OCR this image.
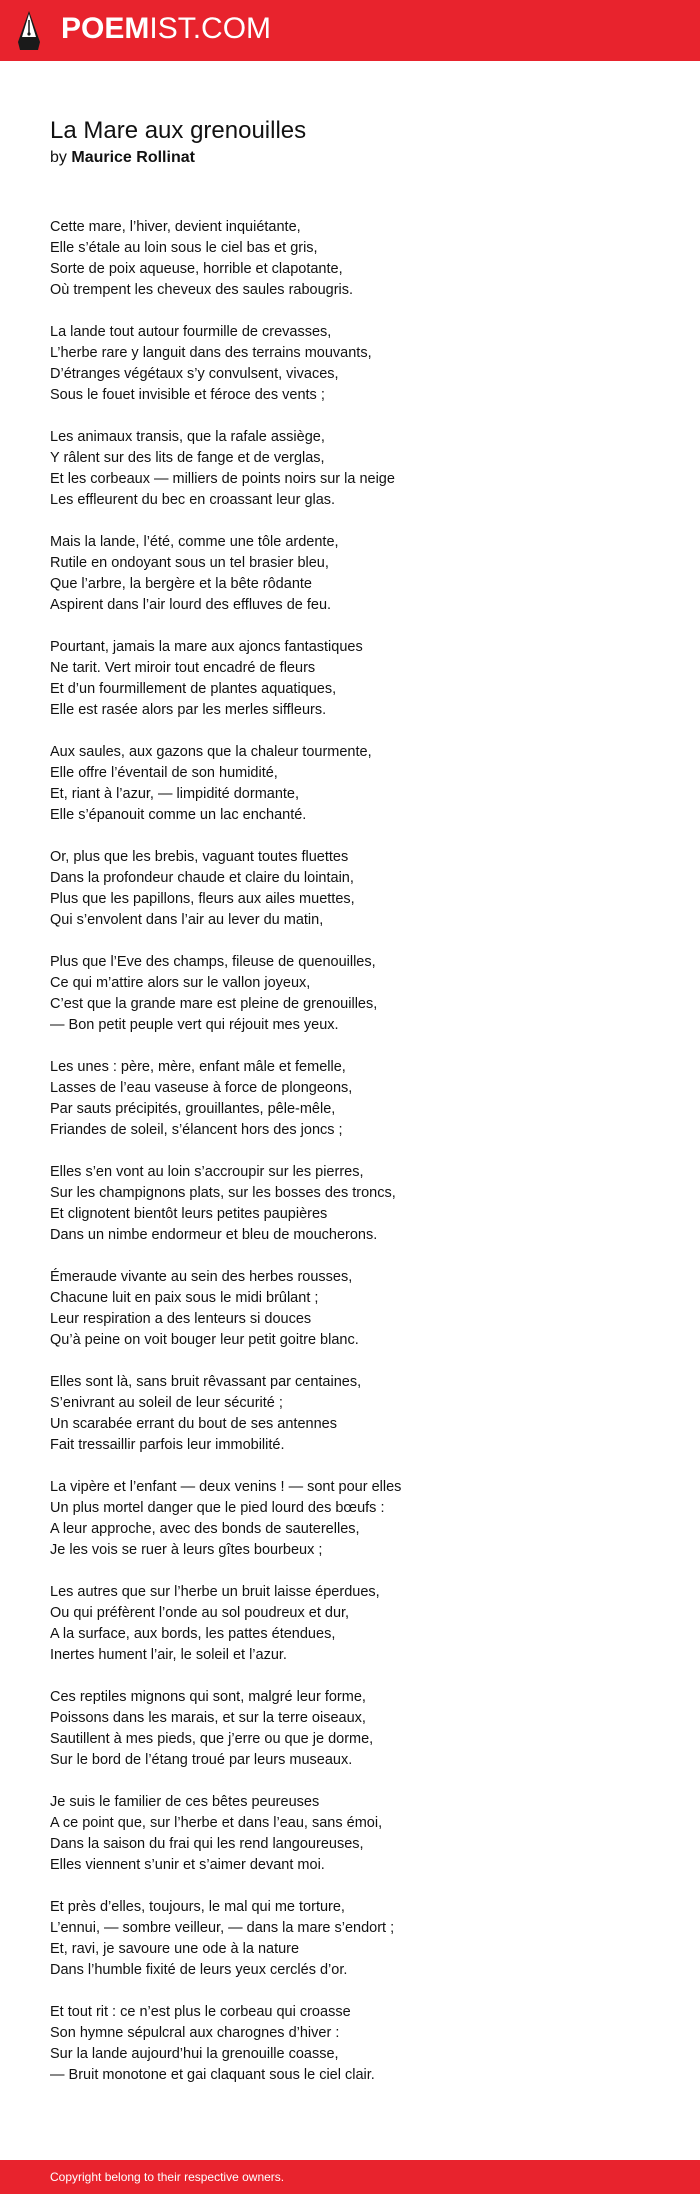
POEMIST.COM
La Mare aux grenouilles
by Maurice Rollinat
Cette mare, l’hiver, devient inquiétante,
Elle s’étale au loin sous le ciel bas et gris,
Sorte de poix aqueuse, horrible et clapotante,
Où trempent les cheveux des saules rabougris.
La lande tout autour fourmille de crevasses,
L’herbe rare y languit dans des terrains mouvants,
D’étranges végétaux s’y convulsent, vivaces,
Sous le fouet invisible et féroce des vents ;
Les animaux transis, que la rafale assiège,
Y râlent sur des lits de fange et de verglas,
Et les corbeaux — milliers de points noirs sur la neige
Les effleurent du bec en croassant leur glas.
Mais la lande, l’été, comme une tôle ardente,
Rutile en ondoyant sous un tel brasier bleu,
Que l’arbre, la bergère et la bête rôdante
Aspirent dans l’air lourd des effluves de feu.
Pourtant, jamais la mare aux ajoncs fantastiques
Ne tarit. Vert miroir tout encadré de fleurs
Et d’un fourmillement de plantes aquatiques,
Elle est rasée alors par les merles siffleurs.
Aux saules, aux gazons que la chaleur tourmente,
Elle offre l’éventail de son humidité,
Et, riant à l’azur, — limpidité dormante,
Elle s’épanouit comme un lac enchanté.
Or, plus que les brebis, vaguant toutes fluettes
Dans la profondeur chaude et claire du lointain,
Plus que les papillons, fleurs aux ailes muettes,
Qui s’envolent dans l’air au lever du matin,
Plus que l’Eve des champs, fileuse de quenouilles,
Ce qui m’attire alors sur le vallon joyeux,
C’est que la grande mare est pleine de grenouilles,
— Bon petit peuple vert qui réjouit mes yeux.
Les unes : père, mère, enfant mâle et femelle,
Lasses de l’eau vaseuse à force de plongeons,
Par sauts précipités, grouillantes, pêle-mêle,
Friandes de soleil, s’élancent hors des joncs ;
Elles s’en vont au loin s’accroupir sur les pierres,
Sur les champignons plats, sur les bosses des troncs,
Et clignotent bientôt leurs petites paupières
Dans un nimbe endormeur et bleu de moucherons.
Émeraude vivante au sein des herbes rousses,
Chacune luit en paix sous le midi brûlant ;
Leur respiration a des lenteurs si douces
Qu’à peine on voit bouger leur petit goitre blanc.
Elles sont là, sans bruit rêvassant par centaines,
S’enivrant au soleil de leur sécurité ;
Un scarabée errant du bout de ses antennes
Fait tressaillir parfois leur immobilité.
La vipère et l’enfant — deux venins ! — sont pour elles
Un plus mortel danger que le pied lourd des bœufs :
A leur approche, avec des bonds de sauterelles,
Je les vois se ruer à leurs gîtes bourbeux ;
Les autres que sur l’herbe un bruit laisse éperdues,
Ou qui préfèrent l’onde au sol poudreux et dur,
A la surface, aux bords, les pattes étendues,
Inertes hument l’air, le soleil et l’azur.
Ces reptiles mignons qui sont, malgré leur forme,
Poissons dans les marais, et sur la terre oiseaux,
Sautillent à mes pieds, que j’erre ou que je dorme,
Sur le bord de l’étang troué par leurs museaux.
Je suis le familier de ces bêtes peureuses
A ce point que, sur l’herbe et dans l’eau, sans émoi,
Dans la saison du frai qui les rend langoureuses,
Elles viennent s’unir et s’aimer devant moi.
Et près d’elles, toujours, le mal qui me torture,
L’ennui, — sombre veilleur, — dans la mare s’endort ;
Et, ravi, je savoure une ode à la nature
Dans l’humble fixité de leurs yeux cerclés d’or.
Et tout rit : ce n’est plus le corbeau qui croasse
Son hymne sépulcral aux charognes d’hiver :
Sur la lande aujourd’hui la grenouille coasse,
— Bruit monotone et gai claquant sous le ciel clair.
Copyright belong to their respective owners.
